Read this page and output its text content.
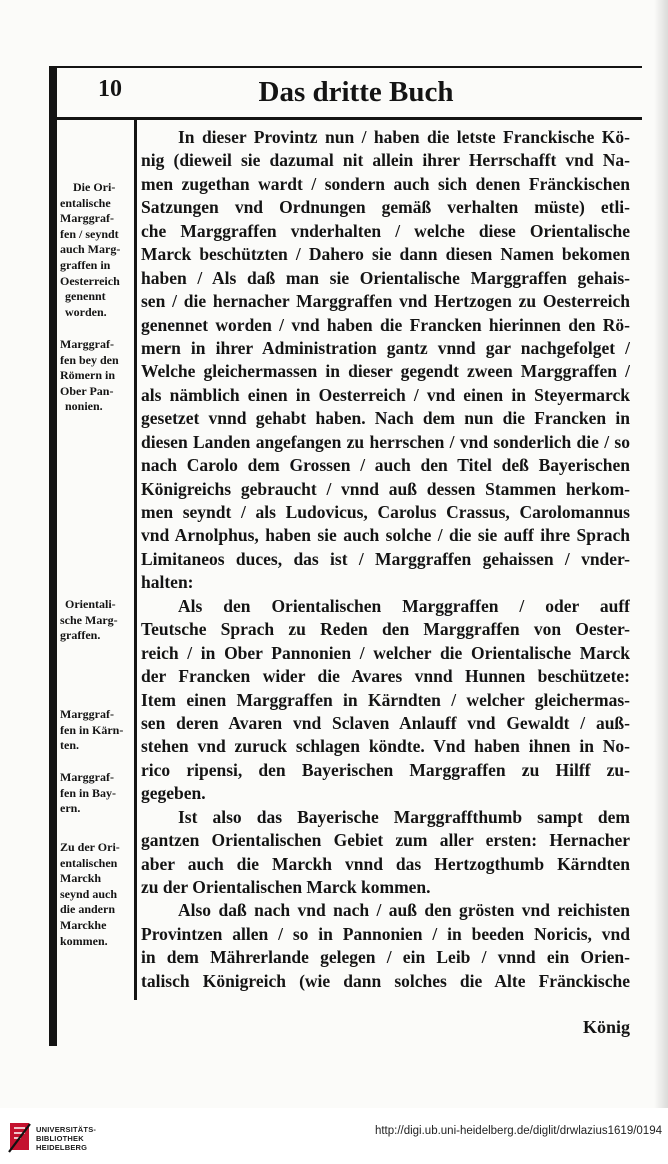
10	Das dritte Buch
Die Ori-
entalische
Marggraf-
fen / seyndt
auch Marg-
graffen in
Oesterreich
genennt
worden.
Marggraf-
fen bey den
Römern in
Ober Pan-
nonien.
Orientali-
sche Marg-
graffen.
Marggraf-
fen in Kärn-
ten.
Marggraf-
fen in Bay-
ern.
Zu der Ori-
entalischen
Marckh
seynd auch
die andern
Marckhe
kommen.
In dieser Provintz nun / haben die letste Franckische Kö-
nig (dieweil sie dazumal nit allein ihrer Herrschafft vnd Na-
men zugethan wardt / sondern auch sich denen Fränckischen
Satzungen vnd Ordnungen gemäß verhalten müste) etli-
che Marggraffen vnderhalten / welche diese Orientalische
Marck beschützten / Dahero sie dann diesen Namen bekomen
haben / Als daß man sie Orientalische Marggraffen gehais-
sen / die hernacher Marggraffen vnd Hertzogen zu Oesterreich
genennet worden / vnd haben die Francken hierinnen den Rö-
mern in ihrer Administration gantz vnnd gar nachgefolget /
Welche gleichermassen in dieser gegendt zween Marggraffen /
als nämblich einen in Oesterreich / vnd einen in Steyermarck
gesetzet vnnd gehabt haben. Nach dem nun die Francken in
diesen Landen angefangen zu herrschen / vnd sonderlich die / so
nach Carolo dem Grossen / auch den Titel deß Bayerischen
Königreichs gebraucht / vnnd auß dessen Stammen herkom-
men seyndt / als Ludovicus, Carolus Crassus, Carolomannus
vnd Arnolphus, haben sie auch solche / die sie auff ihre Sprach
Limitaneos duces, das ist / Marggraffen gehaissen / vnder-
halten:
Als den Orientalischen Marggraffen / oder auff
Teutsche Sprach zu Reden den Marggraffen von Oester-
reich / in Ober Pannonien / welcher die Orientalische Marck
der Francken wider die Avares vnnd Hunnen beschützete:
Item einen Marggraffen in Kärndten / welcher gleichermas-
sen deren Avaren vnd Sclaven Anlauff vnd Gewaldt / auß-
stehen vnd zuruck schlagen köndte. Vnd haben ihnen in No-
rico ripensi, den Bayerischen Marggraffen zu Hilff zu-
gegeben.
Ist also das Bayerische Marggraffthumb sampt dem
gantzen Orientalischen Gebiet zum aller ersten: Hernacher
aber auch die Marckh vnnd das Hertzogthumb Kärndten
zu der Orientalischen Marck kommen.
Also daß nach vnd nach / auß den grösten vnd reichisten
Provintzen allen / so in Pannonien / in beeden Noricis, vnd
in dem Mährerlande gelegen / ein Leib / vnnd ein Orien-
talisch Königreich (wie dann solches die Alte Fränckische
König
UNIVERSITÄTS-
BIBLIOTHEK
HEIDELBERG
http://digi.ub.uni-heidelberg.de/diglit/drwlazius1619/0194
